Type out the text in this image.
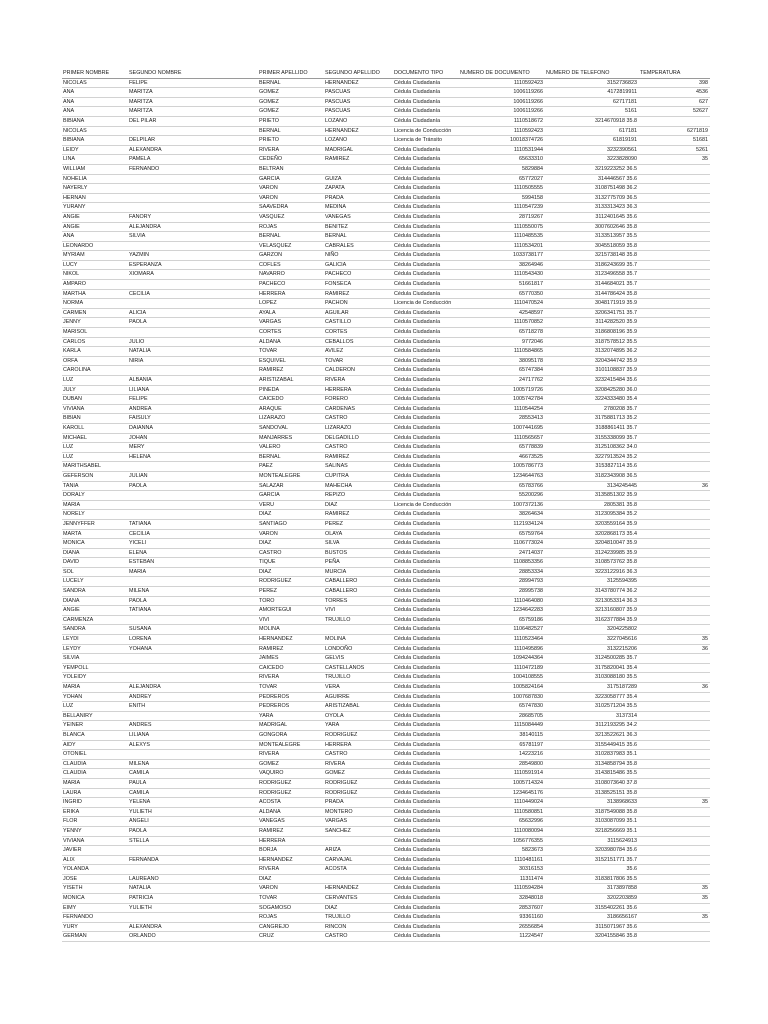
PRIMER NOMBRE	SEGUNDO NOMBRE	PRIMER APELLIDO	SEGUNDO APELLIDO	DOCUMENTO TIPO	NUMERO DE DOCUMENTO	NUMERO DE TELEFONO	TEMPERATURA
NICOLAS	FELIPE	BERNAL	HERNANDEZ	Cédula Ciudadanía	1110592423	3152736823	398
ANA	MARITZA	GOMEZ	PASCUAS	Cédula Ciudadanía	1006119266	4172819911	4536
ANA	MARITZA	GOMEZ	PASCUAS	Cédula Ciudadanía	1006119266	62717181	627
ANA	MARITZA	GOMEZ	PASCUAS	Cédula Ciudadanía	1006119266	5161	52627
BIBIANA	DEL PILAR	PRIETO	LOZANO	Cédula Ciudadanía	1110518672	3214670918 35.8	
NICOLAS		BERNAL	HERNANDEZ	Licencia de Conducción	1110592423	617181	6271819
BIBIANA	DELPILAR	PRIETO	LOZANO	Licencia de Tránsito	10018374726	61819191	51681
LEIDY	ALEXANDRA	RIVERA	MADRIGAL	Cédula Ciudadanía	1110531944	3232390561	5261
LINA	PAMELA	CEDEÑO	RAMIREZ	Cédula Ciudadanía	65633310	3223828090	35
WILLIAM	FERNANDO	BELTRAN		Cédula Ciudadanía	5829884	3219223252 36.5	
NOHELIA		GARCIA	GUIZA	Cédula Ciudadanía	65772027	314446567 35.6	
NAYERLY		VARON	ZAPATA	Cédula Ciudadanía	1110505555	3108751498 36.2	
HERNAN		VARON	PRADA	Cédula Ciudadanía	5994158	3132775709 36.5	
YURANY		SAAVEDRA	MEDINA	Cédula Ciudadanía	1110547239	3133313423 36.3	
ANGIE	FANORY	VASQUEZ	VANEGAS	Cédula Ciudadanía	28719267	3112401645 35.6	
ANGIE	ALEJANDRA	ROJAS	BENITEZ	Cédula Ciudadanía	1110550075	3007602646 35.8	
ANA	SILVIA	BERNAL	BERNAL	Cédula Ciudadanía	1110485535	3133513957 35.5	
LEONARDO		VELASQUEZ	CABRALES	Cédula Ciudadanía	1110534201	3045518059 35.8	
MYRIAM	YAZMIN	GARZON	NIÑO	Cédula Ciudadanía	1033738177	3215738148 35.8	
LUCY	ESPERANZA	COFLES	GALICIA	Cédula Ciudadanía	38264946	3186243699 35.7	
NIKOL	XIOMARA	NAVARRO	PACHECO	Cédula Ciudadanía	1110543430	3123496558 35.7	
AMPARO		PACHECO	FONSECA	Cédula Ciudadanía	51661817	3144684021 35.7	
MARTHA	CECILIA	HERRERA	RAMIREZ	Cédula Ciudadanía	65770350	3144786424 35.8	
NORMA		LOPEZ	PACHON	Licencia de Conducción	1110470524	3048171919 35.9	
CARMEN	ALICIA	AYALA	AGUILAR	Cédula Ciudadanía	42548597	3206341751 35.7	
JENNY	PAOLA	VARGAS	CASTILLO	Cédula Ciudadanía	1110570852	3114282520 35.9	
MARISOL		CORTES	CORTES	Cédula Ciudadanía	65718278	3186808196 35.9	
CARLOS	JULIO	ALDANA	CEBALLOS	Cédula Ciudadanía	9772046	3187578512 35.5	
KARLA	NATALIA	TOVAR	AVILEZ	Cédula Ciudadanía	1110584865	3132074895 36.2	
ORFA	NIRIA	ESQUIVEL	TOVAR	Cédula Ciudadanía	38095178	3204344742 35.9	
CAROLINA		RAMIREZ	CALDERON	Cédula Ciudadanía	65747384	3101108837 35.9	
LUZ	ALBANIA	ARISTIZABAL	RIVERA	Cédula Ciudadanía	24717762	3232415484 35.6	
JULY	LILIANA	PINEDA	HERRERA	Cédula Ciudadanía	1005719726	3208425280 36.0	
DUBAN	FELIPE	CAICEDO	FORERO	Cédula Ciudadanía	1005742784	3224333480 35.4	
VIVIANA	ANDREA	ARAQUE	CARDENAS	Cédula Ciudadanía	1110544254	2780208 35.7	
BIBIAN	FAISULY	LIZARAZO	CASTRO	Cédula Ciudadanía	28553413	3175881713 35.2	
KAROLL	DAIANNA	SANDOVAL	LIZARAZO	Cédula Ciudadanía	1007441695	3188861411 35.7	
MICHAEL	JOHAN	MANJARRES	DELGADILLO	Cédula Ciudadanía	1110565657	3155338099 35.7	
LUZ	MERY	VALERO	CASTRO	Cédula Ciudadanía	65778839	3125108362 34.0	
LUZ	HELENA	BERNAL	RAMIREZ	Cédula Ciudadanía	46673525	3227913524 35.2	
MARITHSABEL		PAEZ	SALINAS	Cédula Ciudadanía	1005786773	3153827114 35.6	
GEFERSON	JULIAN	MONTEALEGRE	CUPITRA	Cédula Ciudadanía	1234644763	3182343908 36.5	
TANIA	PAOLA	SALAZAR	MAHECHA	Cédula Ciudadanía	65783766	3134245445	36
DORALY		GARCIA	REPIZO	Cédula Ciudadanía	55200296	3135851302 35.9	
MARIA		VERU	DIAZ	Licencia de Conducción	1007372136	2805381 35.8	
NORELY		DIAZ	RAMIREZ	Cédula Ciudadanía	38264634	3123095384 35.2	
JENNYFFER	TATIANA	SANTIAGO	PEREZ	Cédula Ciudadanía	1121934124	3203559164 35.9	
MARTA	CECILIA	VARON	OLAYA	Cédula Ciudadanía	65759764	3202868173 35.4	
MONICA	YICELI	DIAZ	SILVA	Cédula Ciudadanía	1106773024	3204810047 35.9	
DIANA	ELENA	CASTRO	BUSTOS	Cédula Ciudadanía	24714037	3124239985 35.9	
DAVID	ESTEBAN	TIQUE	PEÑA	Cédula Ciudadanía	1108853356	3108573762 35.8	
SOL	MARIA	DIAZ	MURCIA	Cédula Ciudadanía	28853334	3223122916 36.3	
LUCELY		RODRIGUEZ	CABALLERO	Cédula Ciudadanía	28994793	3125594395	
SANDRA	MILENA	PEREZ	CABALLERO	Cédula Ciudadanía	28995738	3143780774 36.2	
DIANA	PAOLA	TORO	TORRES	Cédula Ciudadanía	1110464080	3213053314 36.3	
ANGIE	TATIANA	AMORTEGUI	VIVI	Cédula Ciudadanía	1234642283	3213160807 35.9	
CARMENZA		VIVI	TRUJILLO	Cédula Ciudadanía	65759186	3162377884 35.9	
SANDRA	SUSANA	MOLINA		Cédula Ciudadanía	1106482527	3204225802	
LEYDI	LORENA	HERNANDEZ	MOLINA	Cédula Ciudadanía	1110523464	3227045616	35
LEYDY	YOHANA	RAMIREZ	LONDOÑO	Cédula Ciudadanía	1110495896	3132215206	36
SILVIA		JAIMES	GELVIS	Cédula Ciudadanía	1094244364	3124500285 35.7	
YEMPOLL		CAICEDO	CASTELLANOS	Cédula Ciudadanía	1110472189	3175820041 35.4	
YOLEIDY		RIVERA	TRUJILLO	Cédula Ciudadanía	1004108555	3103088180 35.5	
MARIA	ALEJANDRA	TOVAR	VERA	Cédula Ciudadanía	1005824164	3175187289	36
YOHAN	ANDREY	PEDREROS	AGUIRRE	Cédula Ciudadanía	1007687830	3223058777 35.4	
LUZ	ENITH	PEDREROS	ARISTIZABAL	Cédula Ciudadanía	65747830	3102571204 35.5	
BELLANIRY		YARA	OYOLA	Cédula Ciudadanía	28685705	3137314	
YEINER	ANDRES	MADRIGAL	YARA	Cédula Ciudadanía	1115084449	3112193295 34.2	
BLANCA	LILIANA	GONGORA	RODRIGUEZ	Cédula Ciudadanía	38140115	3213522621 36.3	
AIDY	ALEXYS	MONTEALEGRE	HERRERA	Cédula Ciudadanía	65781197	3155449415 35.6	
OTONIEL		RIVERA	CASTRO	Cédula Ciudadanía	14223216	3102837983 35.1	
CLAUDIA	MILENA	GOMEZ	RIVERA	Cédula Ciudadanía	28549800	3134858794 35.8	
CLAUDIA	CAMILA	VAQUIRO	GOMEZ	Cédula Ciudadanía	1110591914	3143815486 35.5	
MARIA	PAULA	RODRIGUEZ	RODRIGUEZ	Cédula Ciudadanía	1005714324	3108073640 37.8	
LAURA	CAMILA	RODRIGUEZ	RODRIGUEZ	Cédula Ciudadanía	1234645176	3138525151 35.8	
INGRID	YELENA	ACOSTA	PRADA	Cédula Ciudadanía	1110449024	3138968633	35
ERIKA	YULIETH	ALDANA	MONTERO	Cédula Ciudadanía	1110580851	3187549088 35.8	
FLOR	ANGELI	VANEGAS	VARGAS	Cédula Ciudadanía	65632996	3103087099 35.1	
YENNY	PAOLA	RAMIREZ	SANCHEZ	Cédula Ciudadanía	1110080094	3218256669 35.1	
VIVIANA	STELLA	HERRERA		Cédula Ciudadanía	1056776355	3115624913	
JAVIER		BORJA	ARIZA	Cédula Ciudadanía	5823673	3203980784 35.6	
ALIX	FERNANDA	HERNANDEZ	CARVAJAL	Cédula Ciudadanía	1110481161	3152151771 35.7	
YOLANDA		RIVERA	ACOSTA	Cédula Ciudadanía	30316153	35.6	
JOSE	LAUREANO	DIAZ		Cédula Ciudadanía	11311474	3183817806 35.5	
YISETH	NATALIA	VARON	HERNANDEZ	Cédula Ciudadanía	1110594284	3173897858	35
MONICA	PATRICIA	TOVAR	CERVANTES	Cédula Ciudadanía	32848018	3202203859	35
EIMY	YULIETH	SOGAMOSO	DIAZ	Cédula Ciudadanía	28537607	3155402261 35.6	
FERNANDO		ROJAS	TRUJILLO	Cédula Ciudadanía	93361160	3186656167	35
YURY	ALEXANDRA	CANGREJO	RINCON	Cédula Ciudadanía	26556854	3115071967 35.6	
GERMAN	ORLANDO	CRUZ	CASTRO	Cédula Ciudadanía	11224547	3204155846 35.8	
